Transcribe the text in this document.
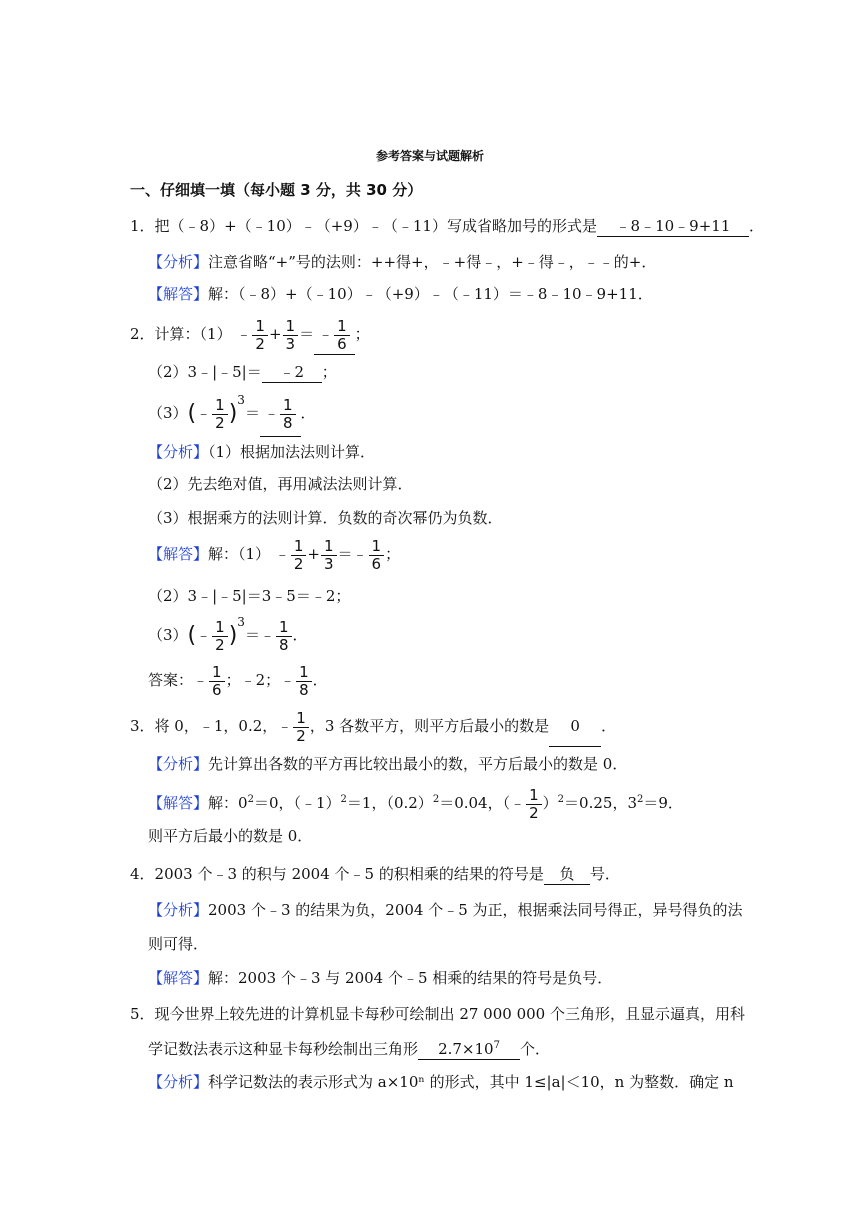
参考答案与试题解析
一、仔细填一填（每小题 3 分，共 30 分）
1．把（﹣8）+（﹣10）﹣（+9）﹣（﹣11）写成省略加号的形式是 ﹣8﹣10﹣9+11 ．
【分析】注意省略“+”号的法则：++得+，﹣+得﹣，+﹣得﹣，﹣﹣的+．
【解答】解：（﹣8）+（﹣10）﹣（+9）﹣（﹣11）＝﹣8﹣10﹣9+11．
2．计算：（1） ﹣ $\frac{1}{2} + \frac{1}{3}$ ＝ ﹣ $\frac{1}{6}$ ；
（2）3﹣|﹣5|＝ ﹣2 ；
（3）(﹣ $\frac{1}{2} )^3=$ ﹣ $\frac{1}{8}$ ．
【分析】（1）根据加法法则计算．
（2）先去绝对值，再用减法法则计算．
（3）根据乘方的法则计算．负数的奇次幂仍为负数．
【解答】解：（1） ﹣ $\frac{1}{2} + \frac{1}{3}$ ＝﹣ $\frac{1}{6}$ ；
（2）3﹣|﹣5|＝3﹣5＝﹣2；
（3）(﹣ $\frac{1}{2}$ )$^3$＝﹣ $\frac{1}{8}$ ．
答案：﹣ $\frac{1}{6}$ ；﹣2；﹣ $\frac{1}{8}$ ．
3．将 0，﹣1，0.2，﹣ $\frac{1}{2}$ ，3 各数平方，则平方后最小的数是 0 ．
【分析】先计算出各数的平方再比较出最小的数，平方后最小的数是 0．
【解答】解：$0^2=0$，（﹣1）$^2$＝1，$(0.2)^2=0.04$，（﹣ $\frac{1}{2} )^2=0.25$，$3^2=9$．
则平方后最小的数是 0．
4．2003 个﹣3 的积与 2004 个﹣5 的积相乘的结果的符号是 负 号．
【分析】2003 个﹣3 的结果为负，2004 个﹣5 为正，根据乘法同号得正，异号得负的法
则可得．
【解答】解：2003 个﹣3 与 2004 个﹣5 相乘的结果的符号是负号．
5．现今世界上较先进的计算机显卡每秒可绘制出 27 000 000 个三角形，且显示逼真，用科
学记数法表示这种显卡每秒绘制出三角形 $2.7\times 10^7$ 个．
【分析】科学记数法的表示形式为 a×10ⁿ 的形式，其中 1≤|a|＜10，n 为整数．确定 n
